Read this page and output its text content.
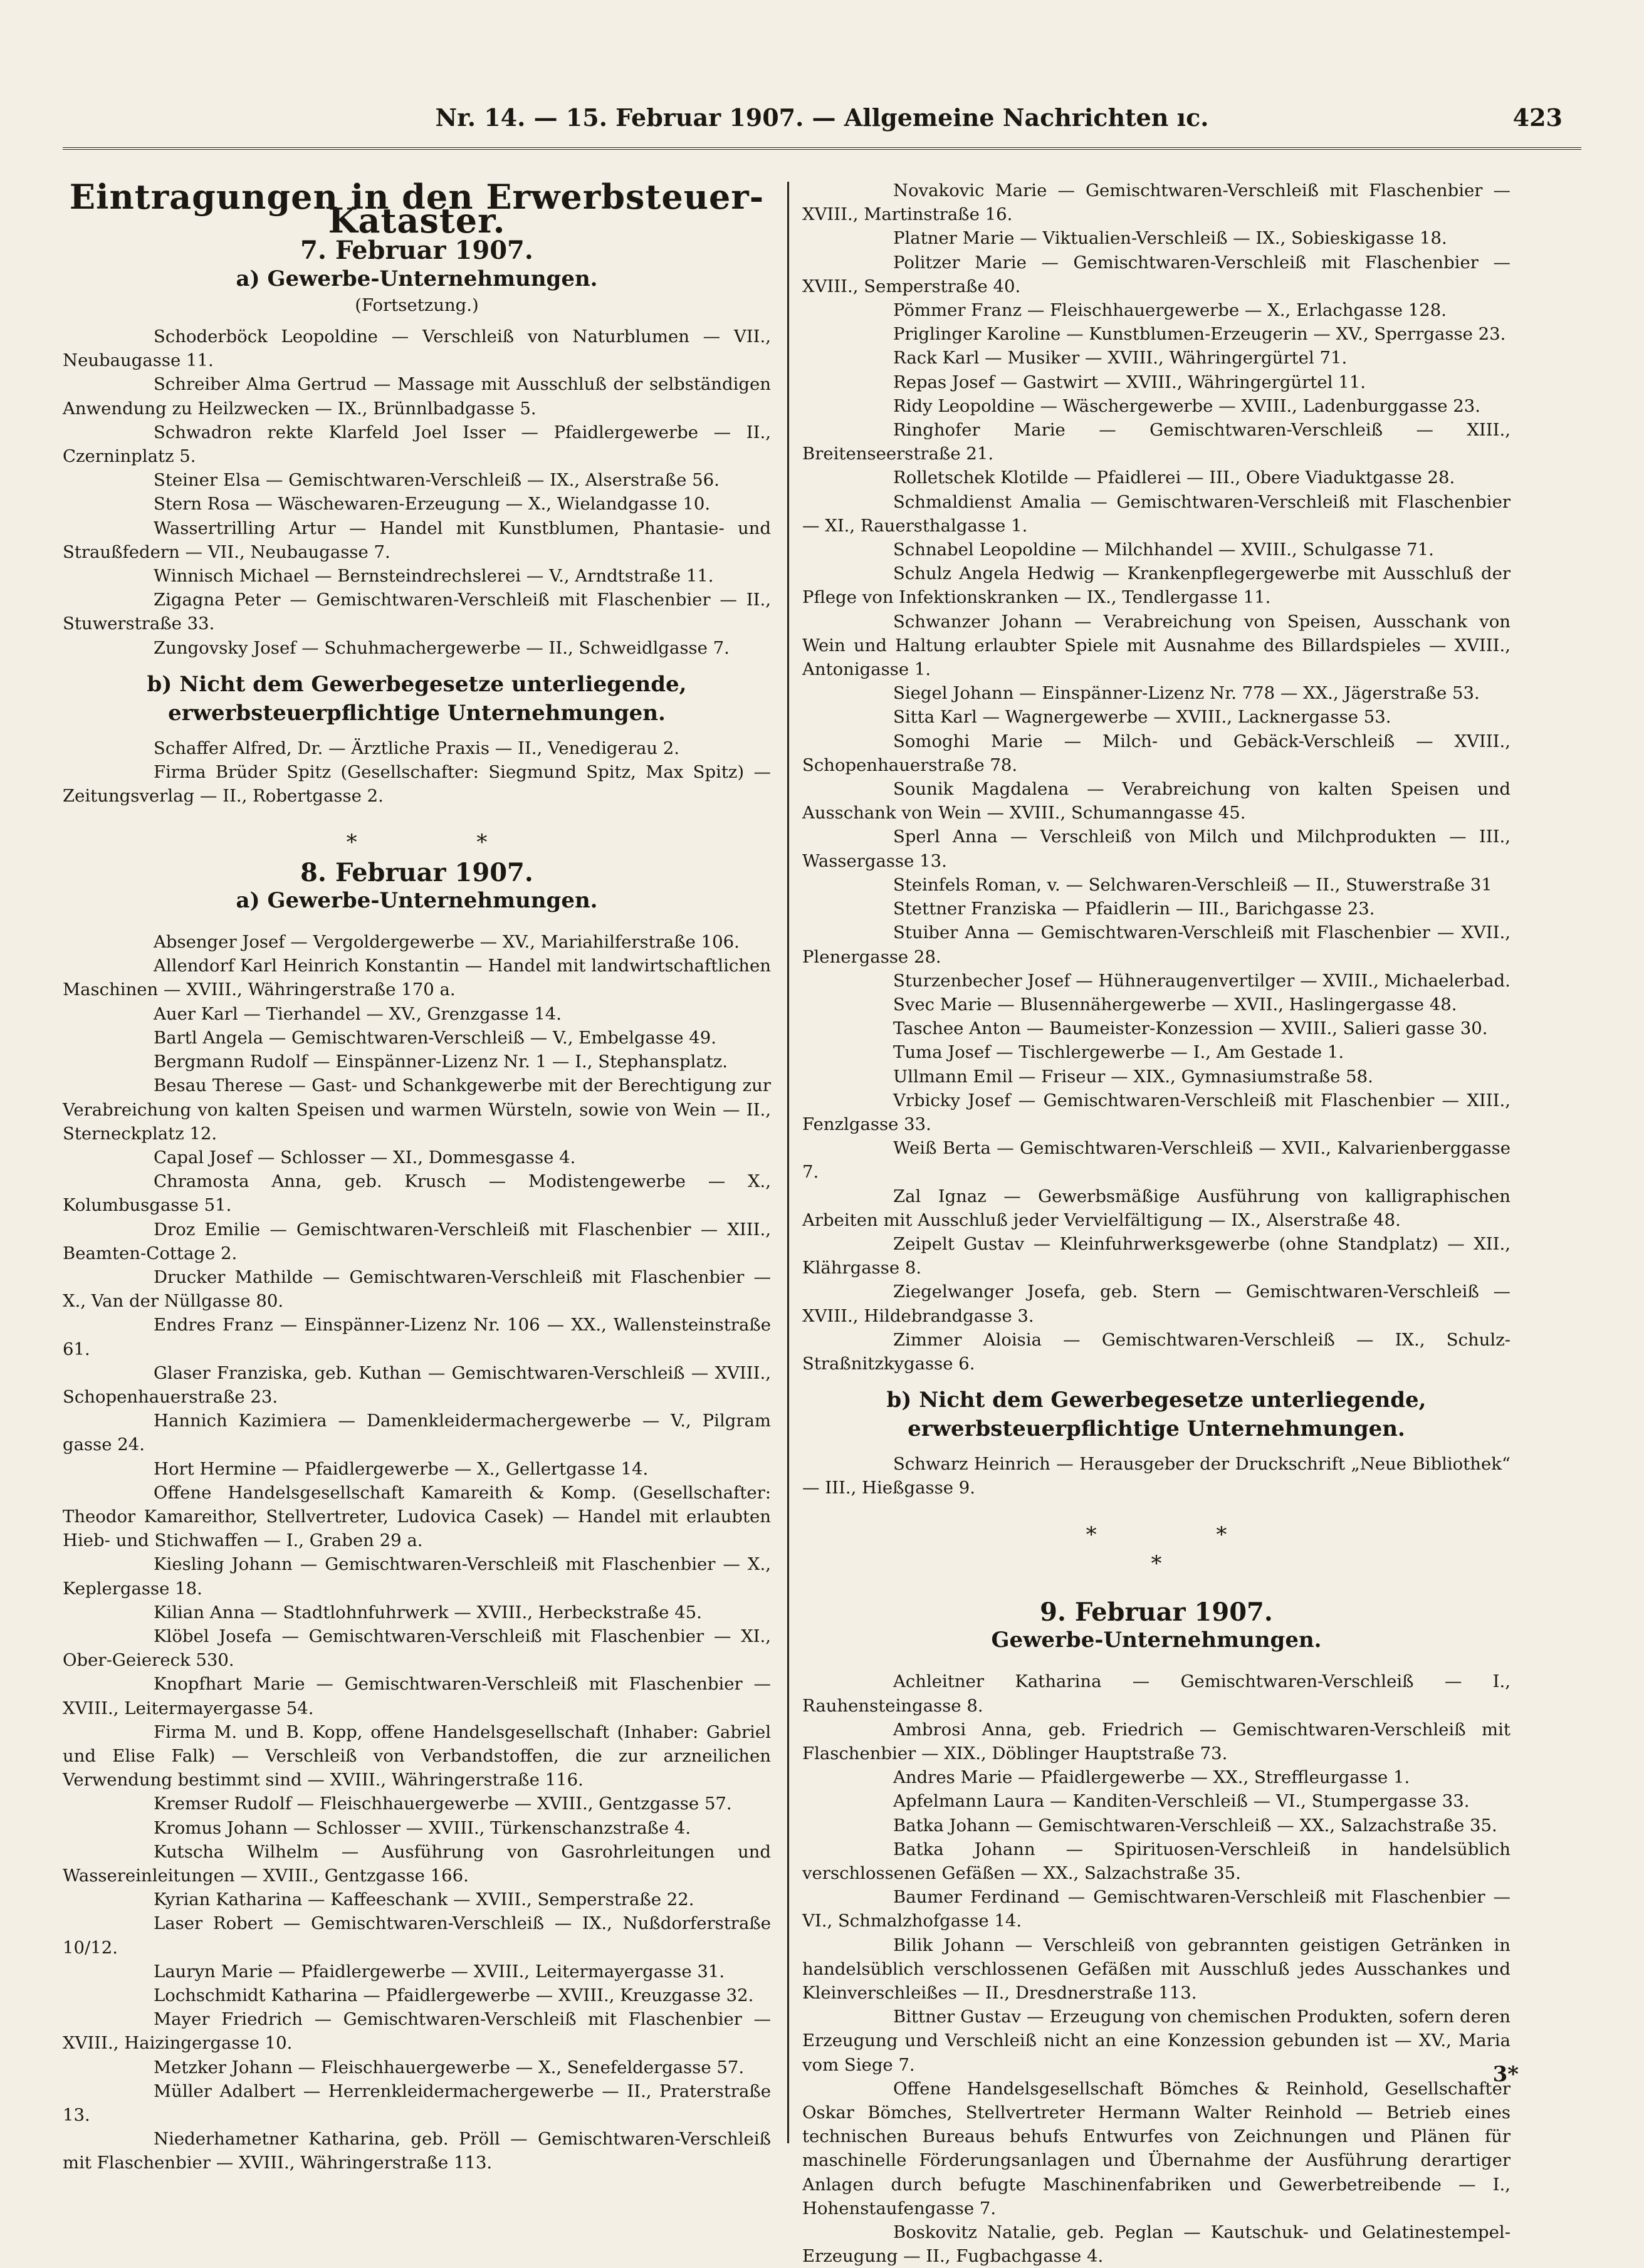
Nr. 14. — 15. Februar 1907. — Allgemeine Nachrichten ıc.	423
Eintragungen in den Erwerbsteuer-Kataster.
7. Februar 1907.
a) Gewerbe-Unternehmungen.
(Fortsetzung.)

Schoderböck Leopoldine — Verschleiß von Naturblumen — VII., Neubaugasse 11.

Schreiber Alma Gertrud — Massage mit Ausschluß der selbständigen Anwendung zu Heilzwecken — IX., Brünnlbadgasse 5.

Schwadron rekte Klarfeld Joel Isser — Pfaidlergewerbe — II., Czerninplatz 5.

Steiner Elsa — Gemischtwaren-Verschleiß — IX., Alserstraße 56.

Stern Rosa — Wäschewaren-Erzeugung — X., Wielandgasse 10.

Wassertrilling Artur — Handel mit Kunstblumen, Phantasie- und Straußfedern — VII., Neubaugasse 7.

Winnisch Michael — Bernsteindrechslerei — V., Arndtstraße 11.

Zigagna Peter — Gemischtwaren-Verschleiß mit Flaschenbier — II., Stuwerstraße 33.

Zungovsky Josef — Schuhmachergewerbe — II., Schweidlgasse 7.

b) Nicht dem Gewerbegesetze unterliegende, erwerbsteuerpflichtige Unternehmungen.

Schaffer Alfred, Dr. — Ärztliche Praxis — II., Venedigerau 2.

Firma Brüder Spitz (Gesellschafter: Siegmund Spitz, Max Spitz) — Zeitungsverlag — II., Robertgasse 2.

* *
8. Februar 1907.
a) Gewerbe-Unternehmungen.

Absenger Josef — Vergoldergewerbe — XV., Mariahilferstraße 106.

Allendorf Karl Heinrich Konstantin — Handel mit landwirtschaftlichen Maschinen — XVIII., Währingerstraße 170 a.

Auer Karl — Tierhandel — XV., Grenzgasse 14.

Bartl Angela — Gemischtwaren-Verschleiß — V., Embelgasse 49.

Bergmann Rudolf — Einspänner-Lizenz Nr. 1 — I., Stephansplatz.

Besau Therese — Gast- und Schankgewerbe mit der Berechtigung zur Verabreichung von kalten Speisen und warmen Würsteln, sowie von Wein — II., Sterneckplatz 12.

Capal Josef — Schlosser — XI., Dommesgasse 4.

Chramosta Anna, geb. Krusch — Modistengewerbe — X., Kolumbusgasse 51.

Droz Emilie — Gemischtwaren-Verschleiß mit Flaschenbier — XIII., Beamten-Cottage 2.

Drucker Mathilde — Gemischtwaren-Verschleiß mit Flaschenbier — X., Van der Nüllgasse 80.

Endres Franz — Einspänner-Lizenz Nr. 106 — XX., Wallensteinstraße 61.

Glaser Franziska, geb. Kuthan — Gemischtwaren-Verschleiß — XVIII., Schopenhauerstraße 23.

Hannich Kazimiera — Damenkleidermachergewerbe — V., Pilgram gasse 24.

Hort Hermine — Pfaidlergewerbe — X., Gellertgasse 14.

Offene Handelsgesellschaft Kamareith & Komp. (Gesellschafter: Theodor Kamareithor, Stellvertreter, Ludovica Casek) — Handel mit erlaubten Hieb- und Stichwaffen — I., Graben 29 a.

Kiesling Johann — Gemischtwaren-Verschleiß mit Flaschenbier — X., Keplergasse 18.

Kilian Anna — Stadtlohnfuhrwerk — XVIII., Herbeckstraße 45.

Klöbel Josefa — Gemischtwaren-Verschleiß mit Flaschenbier — XI., Ober-Geiereck 530.

Knopfhart Marie — Gemischtwaren-Verschleiß mit Flaschenbier — XVIII., Leitermayergasse 54.

Firma M. und B. Kopp, offene Handelsgesellschaft (Inhaber: Gabriel und Elise Falk) — Verschleiß von Verbandstoffen, die zur arzneilichen Verwendung bestimmt sind — XVIII., Währingerstraße 116.

Kremser Rudolf — Fleischhauergewerbe — XVIII., Gentzgasse 57.

Kromus Johann — Schlosser — XVIII., Türkenschanzstraße 4.

Kutscha Wilhelm — Ausführung von Gasrohrleitungen und Wassereinleitungen — XVIII., Gentzgasse 166.

Kyrian Katharina — Kaffeeschank — XVIII., Semperstraße 22.

Laser Robert — Gemischtwaren-Verschleiß — IX., Nußdorferstraße 10/12.

Lauryn Marie — Pfaidlergewerbe — XVIII., Leitermayergasse 31.

Lochschmidt Katharina — Pfaidlergewerbe — XVIII., Kreuzgasse 32.

Mayer Friedrich — Gemischtwaren-Verschleiß mit Flaschenbier — XVIII., Haizingergasse 10.

Metzker Johann — Fleischhauergewerbe — X., Senefeldergasse 57.

Müller Adalbert — Herrenkleidermachergewerbe — II., Praterstraße 13.

Niederhametner Katharina, geb. Pröll — Gemischtwaren-Verschleiß mit Flaschenbier — XVIII., Währingerstraße 113.

Novakovic Marie — Gemischtwaren-Verschleiß mit Flaschenbier — XVIII., Martinstraße 16.

Platner Marie — Viktualien-Verschleiß — IX., Sobieskigasse 18.

Politzer Marie — Gemischtwaren-Verschleiß mit Flaschenbier — XVIII., Semperstraße 40.

Pömmer Franz — Fleischhauergewerbe — X., Erlachgasse 128.

Priglinger Karoline — Kunstblumen-Erzeugerin — XV., Sperrgasse 23.

Rack Karl — Musiker — XVIII., Währingergürtel 71.

Repas Josef — Gastwirt — XVIII., Währingergürtel 11.

Ridy Leopoldine — Wäschergewerbe — XVIII., Ladenburggasse 23.

Ringhofer Marie — Gemischtwaren-Verschleiß — XIII., Breitenseerstraße 21.

Rolletschek Klotilde — Pfaidlerei — III., Obere Viaduktgasse 28.

Schmaldienst Amalia — Gemischtwaren-Verschleiß mit Flaschenbier — XI., Rauersthalgasse 1.

Schnabel Leopoldine — Milchhandel — XVIII., Schulgasse 71.

Schulz Angela Hedwig — Krankenpflegergewerbe mit Ausschluß der Pflege von Infektionskranken — IX., Tendlergasse 11.

Schwanzer Johann — Verabreichung von Speisen, Ausschank von Wein und Haltung erlaubter Spiele mit Ausnahme des Billardspieles — XVIII., Antonigasse 1.

Siegel Johann — Einspänner-Lizenz Nr. 778 — XX., Jägerstraße 53.

Sitta Karl — Wagnergewerbe — XVIII., Lacknergasse 53.

Somoghi Marie — Milch- und Gebäck-Verschleiß — XVIII., Schopenhauerstraße 78.

Sounik Magdalena — Verabreichung von kalten Speisen und Ausschank von Wein — XVIII., Schumanngasse 45.

Sperl Anna — Verschleiß von Milch und Milchprodukten — III., Wassergasse 13.

Steinfels Roman, v. — Selchwaren-Verschleiß — II., Stuwerstraße 31

Stettner Franziska — Pfaidlerin — III., Barichgasse 23.

Stuiber Anna — Gemischtwaren-Verschleiß mit Flaschenbier — XVII., Plenergasse 28.

Sturzenbecher Josef — Hühneraugenvertilger — XVIII., Michaelerbad.

Svec Marie — Blusennähergewerbe — XVII., Haslingergasse 48.

Taschee Anton — Baumeister-Konzession — XVIII., Salieri gasse 30.

Tuma Josef — Tischlergewerbe — I., Am Gestade 1.

Ullmann Emil — Friseur — XIX., Gymnasiumstraße 58.

Vrbicky Josef — Gemischtwaren-Verschleiß mit Flaschenbier — XIII., Fenzlgasse 33.

Weiß Berta — Gemischtwaren-Verschleiß — XVII., Kalvarienberggasse 7.

Zal Ignaz — Gewerbsmäßige Ausführung von kalligraphischen Arbeiten mit Ausschluß jeder Vervielfältigung — IX., Alserstraße 48.

Zeipelt Gustav — Kleinfuhrwerksgewerbe (ohne Standplatz) — XII., Klährgasse 8.

Ziegelwanger Josefa, geb. Stern — Gemischtwaren-Verschleiß — XVIII., Hildebrandgasse 3.

Zimmer Aloisia — Gemischtwaren-Verschleiß — IX., Schulz-Straßnitzkygasse 6.

b) Nicht dem Gewerbegesetze unterliegende, erwerbsteuerpflichtige Unternehmungen.

Schwarz Heinrich — Herausgeber der Druckschrift „Neue Bibliothek“ — III., Hießgasse 9.

* *
*
9. Februar 1907.
Gewerbe-Unternehmungen.

Achleitner Katharina — Gemischtwaren-Verschleiß — I., Rauhensteingasse 8.

Ambrosi Anna, geb. Friedrich — Gemischtwaren-Verschleiß mit Flaschenbier — XIX., Döblinger Hauptstraße 73.

Andres Marie — Pfaidlergewerbe — XX., Streffleurgasse 1.

Apfelmann Laura — Kanditen-Verschleiß — VI., Stumpergasse 33.

Batka Johann — Gemischtwaren-Verschleiß — XX., Salzachstraße 35.

Batka Johann — Spirituosen-Verschleiß in handelsüblich verschlossenen Gefäßen — XX., Salzachstraße 35.

Baumer Ferdinand — Gemischtwaren-Verschleiß mit Flaschenbier — VI., Schmalzhofgasse 14.

Bilik Johann — Verschleiß von gebrannten geistigen Getränken in handelsüblich verschlossenen Gefäßen mit Ausschluß jedes Ausschankes und Kleinverschleißes — II., Dresdnerstraße 113.

Bittner Gustav — Erzeugung von chemischen Produkten, sofern deren Erzeugung und Verschleiß nicht an eine Konzession gebunden ist — XV., Maria vom Siege 7.

Offene Handelsgesellschaft Bömches & Reinhold, Gesellschafter Oskar Bömches, Stellvertreter Hermann Walter Reinhold — Betrieb eines technischen Bureaus behufs Entwurfes von Zeichnungen und Plänen für maschinelle Förderungsanlagen und Übernahme der Ausführung derartiger Anlagen durch befugte Maschinenfabriken und Gewerbetreibende — I., Hohenstaufengasse 7.

Boskovitz Natalie, geb. Peglan — Kautschuk- und Gelatinestempel-Erzeugung — II., Fugbachgasse 4.

3*
